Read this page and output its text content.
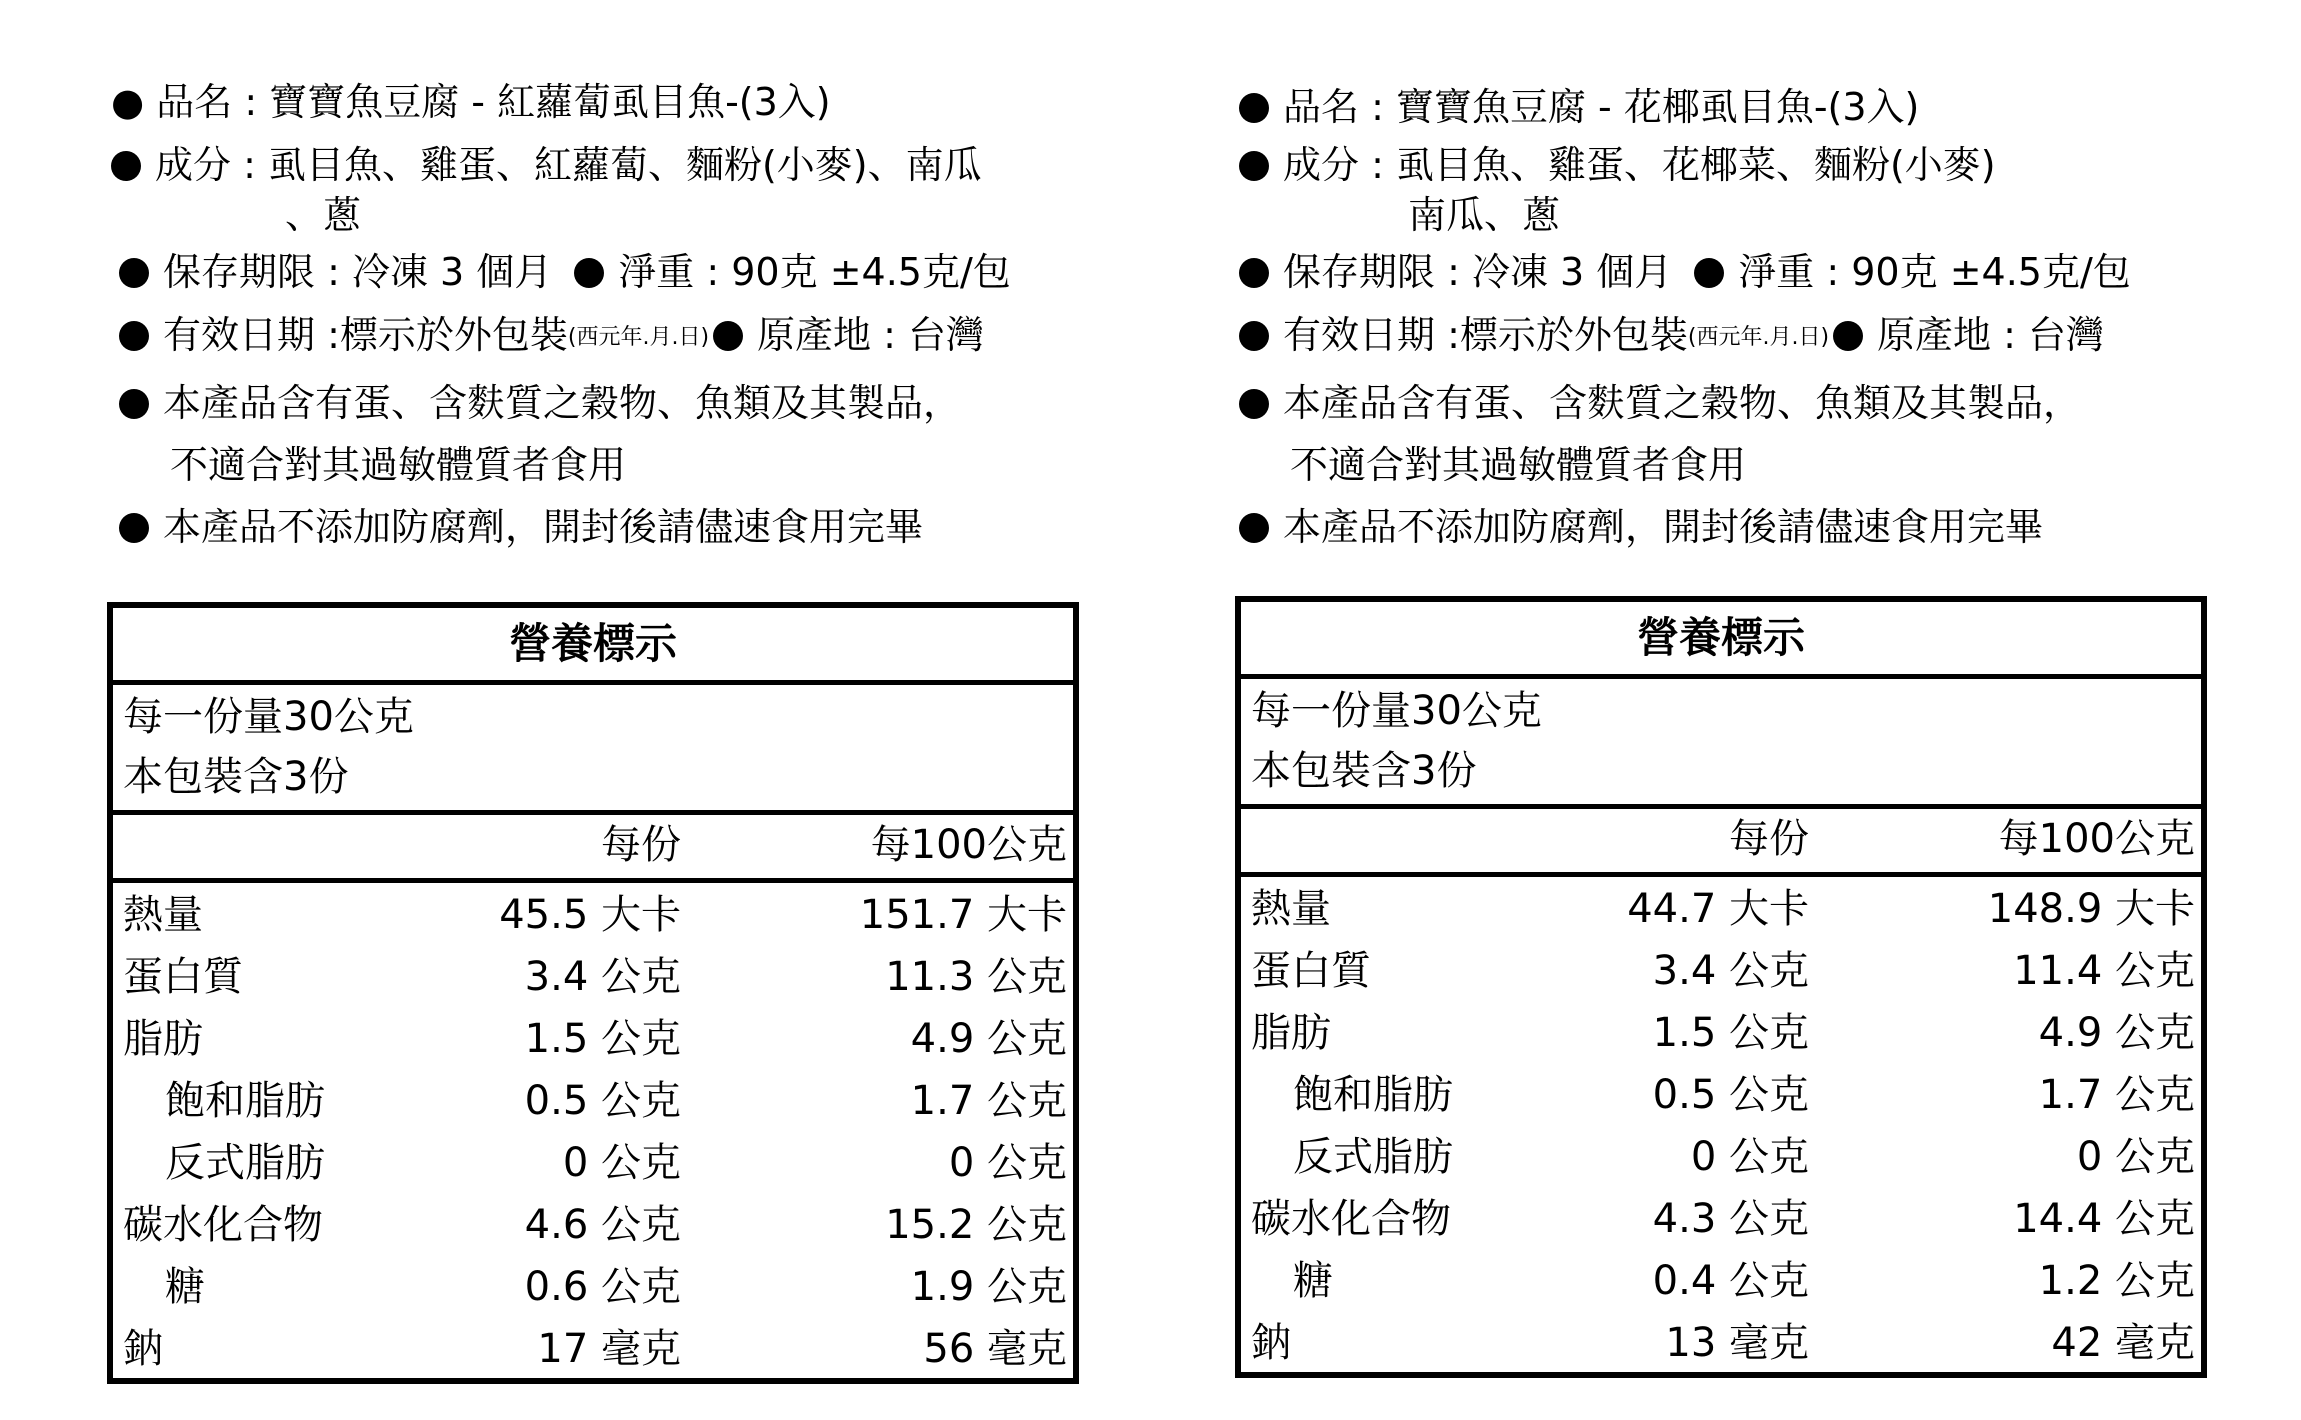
● 品名 : 寶寶魚豆腐 - 紅蘿蔔虱目魚-(3入)
成分 : 虱目魚、雞蛋、紅蘿蔔、麵粉(小麥)、南瓜
、蔥
保存期限 : 冷凍 3 個月 淨重 : 90克 ±4.5克/包
有效日期 :標示於外包裝(西元年.月.日) 原產地 : 台灣
本產品含有蛋、含麩質之穀物、魚類及其製品，
不適合對其過敏體質者食用
本產品不添加防腐劑，開封後請儘速食用完畢
營養標示
每一份量30公克
本包裝含3份
每份	每100公克
熱量	45.5 大卡	151.7 大卡
蛋白質	3.4 公克	11.3 公克
脂肪	1.5 公克	4.9 公克
飽和脂肪	0.5 公克	1.7 公克
反式脂肪	0 公克	0 公克
碳水化合物	4.6 公克	15.2 公克
糖	0.6 公克	1.9 公克
鈉	17 毫克	56 毫克
品名 : 寶寶魚豆腐 - 花椰虱目魚-(3入)
成分 : 虱目魚、雞蛋、花椰菜、麵粉(小麥)
南瓜、蔥
保存期限 : 冷凍 3 個月 淨重 : 90克 ±4.5克/包
有效日期 :標示於外包裝(西元年.月.日) 原產地 : 台灣
本產品含有蛋、含麩質之穀物、魚類及其製品，
不適合對其過敏體質者食用
本產品不添加防腐劑，開封後請儘速食用完畢
營養標示
每一份量30公克
本包裝含3份
每份	每100公克
熱量	44.7 大卡	148.9 大卡
蛋白質	3.4 公克	11.4 公克
脂肪	1.5 公克	4.9 公克
飽和脂肪	0.5 公克	1.7 公克
反式脂肪	0 公克	0 公克
碳水化合物	4.3 公克	14.4 公克
糖	0.4 公克	1.2 公克
鈉	13 毫克	42 毫克
